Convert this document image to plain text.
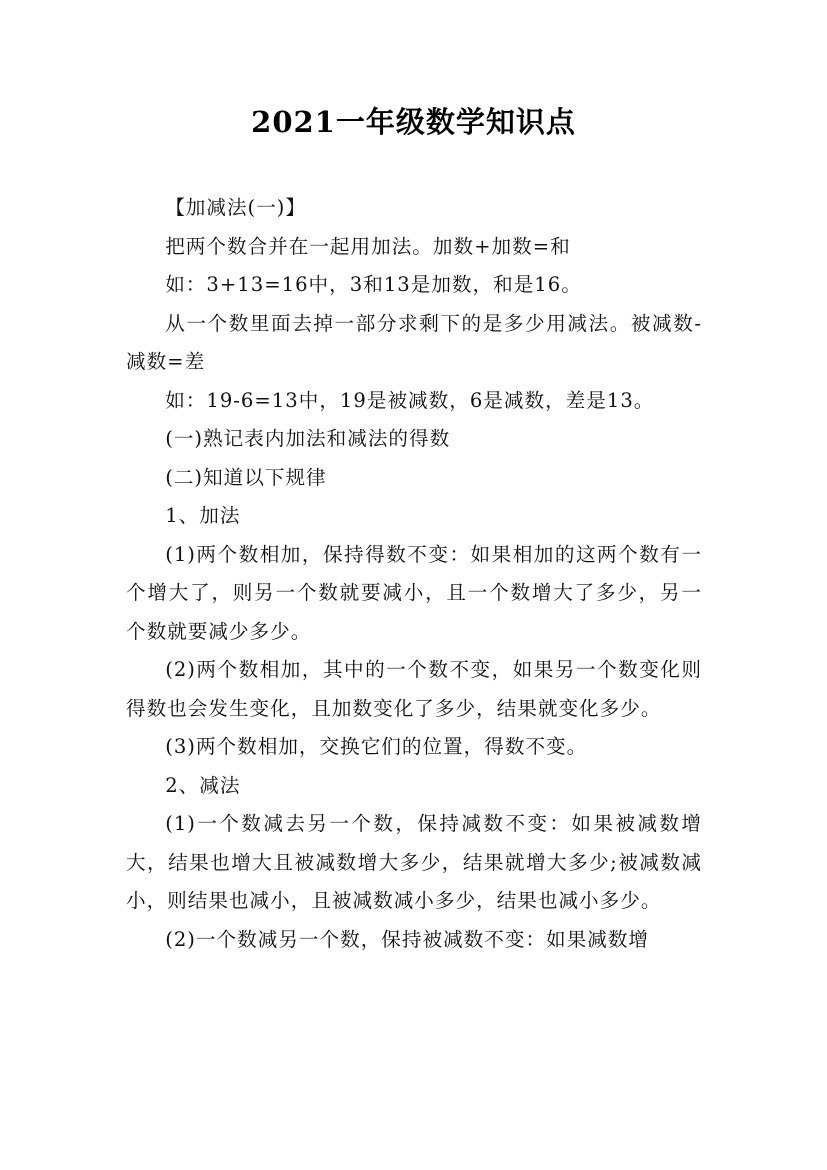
2021一年级数学知识点

【加减法(一)】

把两个数合并在一起用加法。加数+加数=和

如：3+13=16中，3和13是加数，和是16。

从一个数里面去掉一部分求剩下的是多少用减法。被减数-减数=差

如：19-6=13中，19是被减数，6是减数，差是13。

(一)熟记表内加法和减法的得数

(二)知道以下规律

1、加法

(1)两个数相加，保持得数不变：如果相加的这两个数有一个增大了，则另一个数就要减小，且一个数增大了多少，另一个数就要减少多少。

(2)两个数相加，其中的一个数不变，如果另一个数变化则得数也会发生变化，且加数变化了多少，结果就变化多少。

(3)两个数相加，交换它们的位置，得数不变。

2、减法

(1)一个数减去另一个数，保持减数不变：如果被减数增大，结果也增大且被减数增大多少，结果就增大多少;被减数减小，则结果也减小，且被减数减小多少，结果也减小多少。

(2)一个数减另一个数，保持被减数不变：如果减数增
